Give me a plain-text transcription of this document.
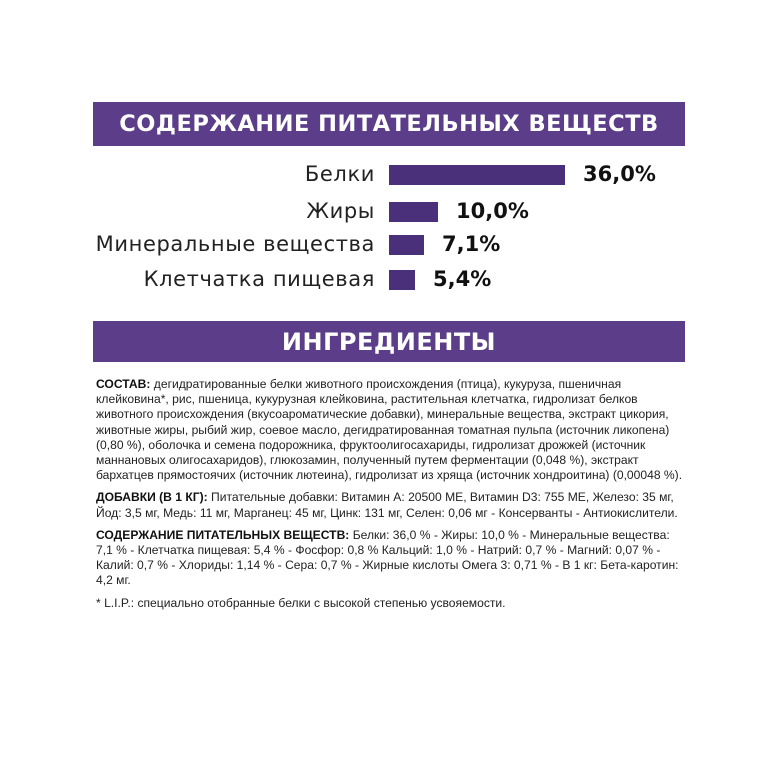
СОДЕРЖАНИЕ ПИТАТЕЛЬНЫХ ВЕЩЕСТВ
Белки	36,0%
Жиры	10,0%
Минеральные вещества	7,1%
Клетчатка пищевая	5,4%
ИНГРЕДИЕНТЫ

СОСТАВ: дегидратированные белки животного происхождения (птица), кукуруза, пшеничная клейковина*, рис, пшеница, кукурузная клейковина, растительная клетчатка, гидролизат белков животного происхождения (вкусоароматические добавки), минеральные вещества, экстракт цикория, животные жиры, рыбий жир, соевое масло, дегидратированная томатная пульпа (источник ликопена) (0,80 %), оболочка и семена подорожника, фруктоолигосахариды, гидролизат дрожжей (источник маннановых олигосахаридов), глюкозамин, полученный путем ферментации (0,048 %), экстракт бархатцев прямостоячих (источник лютеина), гидролизат из хряща (источник хондроитина) (0,00048 %).

ДОБАВКИ (В 1 КГ): Питательные добавки: Витамин А: 20500 МЕ, Витамин D3: 755 МЕ, Железо: 35 мг, Йод: 3,5 мг, Медь: 11 мг, Марганец: 45 мг, Цинк: 131 мг, Селен: 0,06 мг - Консерванты - Антиокислители.

СОДЕРЖАНИЕ ПИТАТЕЛЬНЫХ ВЕЩЕСТВ: Белки: 36,0 % - Жиры: 10,0 % - Минеральные вещества: 7,1 % - Клетчатка пищевая: 5,4 % - Фосфор: 0,8 % Кальций: 1,0 % - Натрий: 0,7 % - Магний: 0,07 % - Калий: 0,7 % - Хлориды: 1,14 % - Сера: 0,7 % - Жирные кислоты Омега 3: 0,71 % - В 1 кг: Бета-каротин: 4,2 мг.

* L.I.P.: специально отобранные белки с высокой степенью усвояемости.
